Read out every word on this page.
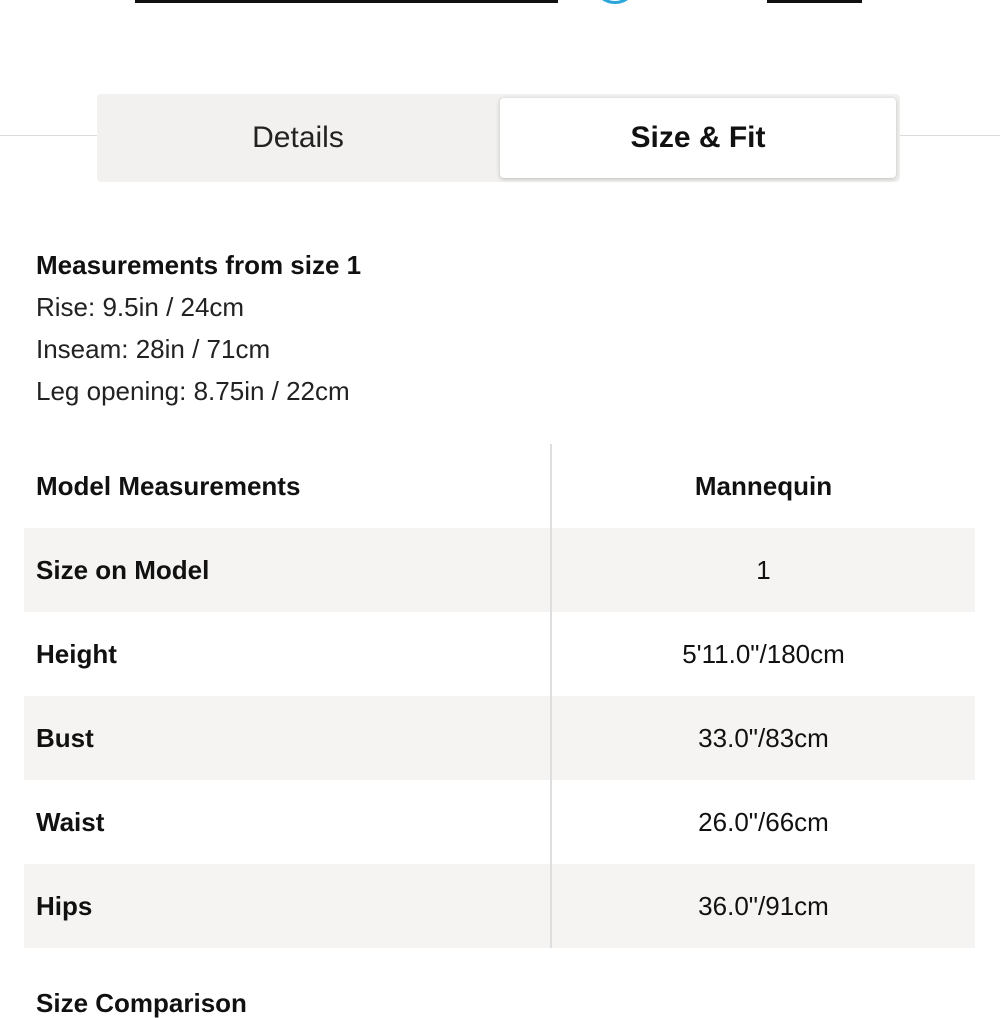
Details	Size & Fit
Measurements from size 1
Rise: 9.5in / 24cm
Inseam: 28in / 71cm
Leg opening: 8.75in / 22cm
Model Measurements	Mannequin
Size on Model	1
Height	5'11.0"/180cm
Bust	33.0"/83cm
Waist	26.0"/66cm
Hips	36.0"/91cm
Size Comparison
